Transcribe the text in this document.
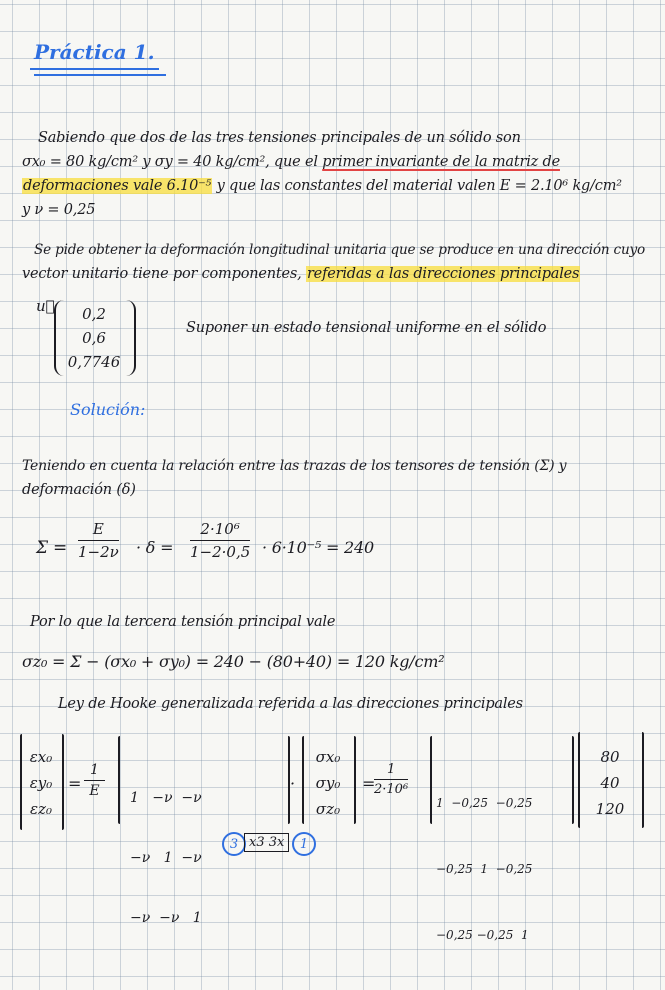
Práctica 1.
Sabiendo que dos de las tres tensiones principales de un sólido son
σx₀ = 80 kg/cm² y σy = 40 kg/cm², que el primer invariante de la matriz de
deformaciones vale 6.10⁻⁵ y que las constantes del material valen E = 2.10⁶ kg/cm²
y ν = 0,25
Se pide obtener la deformación longitudinal unitaria que se produce en una dirección cuyo
vector unitario tiene por componentes, referidas a las direcciones principales
u⃗	0,2
0,6
0,7746
Suponer un estado tensional uniforme en el sólido
Solución:
Teniendo en cuenta la relación entre las trazas de los tensores de tensión (Σ) y
deformación (δ)
$\Sigma = \frac{E}{1-2\nu} \cdot \delta = \frac{\text{2·10⁶}}{1-2\cdot 0,5} \cdot 6\cdot 10^{-5} = 240$
Por lo que la tercera tensión principal vale
σz₀ = Σ − (σx₀ + σy₀) = 240 − (80+40) = 120 kg/cm²
Ley de Hooke generalizada referida a las direcciones principales
εx₀
εy₀
εz₀
= $\frac{1}{E}$

1   −ν  −ν

−ν   1  −ν

−ν  −ν   1

·
σx₀
σy₀
σz₀
=
$\frac{1}{\text{2·10⁶}}$

1  −0,25  −0,25

−0,25  1  −0,25

−0,25 −0,25  1

80
40
120
3 x3 3x	1
